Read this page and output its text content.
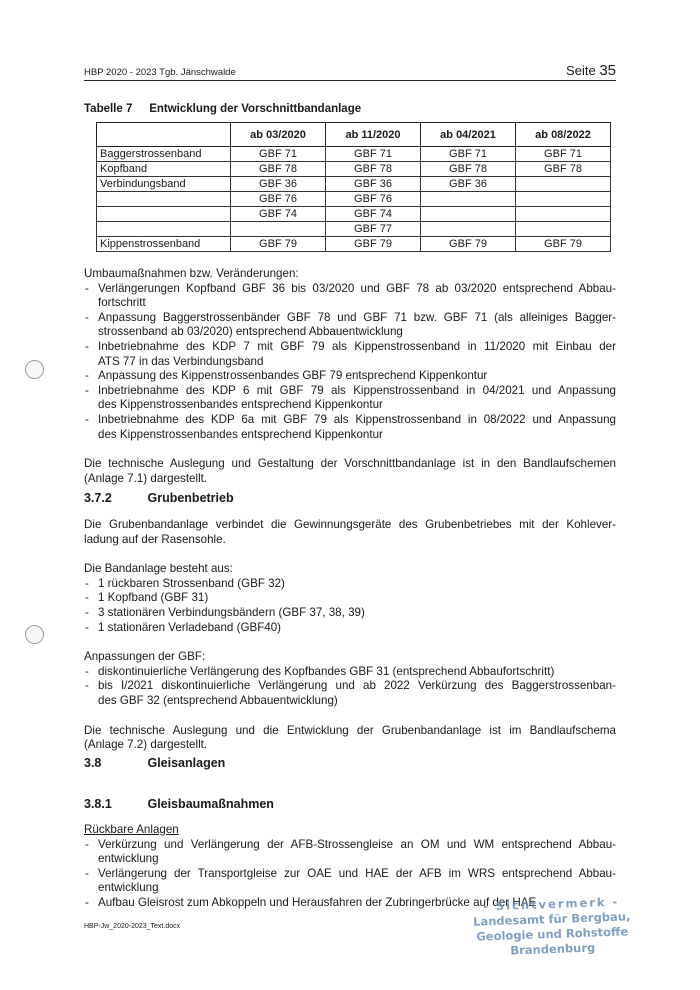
HBP 2020 - 2023 Tgb. Jänschwalde	Seite 35
Tabelle 7 Entwicklung der Vorschnittbandanlage
	ab 03/2020	ab 11/2020	ab 04/2021	ab 08/2022
Baggerstrossenband	GBF 71	GBF 71	GBF 71	GBF 71
Kopfband	GBF 78	GBF 78	GBF 78	GBF 78
Verbindungsband	GBF 36	GBF 36	GBF 36	
	GBF 76	GBF 76		
	GBF 74	GBF 74		
		GBF 77		
Kippenstrossenband	GBF 79	GBF 79	GBF 79	GBF 79

Umbaumaßnahmen bzw. Veränderungen:

- Verlängerungen Kopfband GBF 36 bis 03/2020 und GBF 78 ab 03/2020 entsprechend Abbau-
fortschritt
- Anpassung Baggerstrossenbänder GBF 78 und GBF 71 bzw. GBF 71 (als alleiniges Bagger-
strossenband ab 03/2020) entsprechend Abbauentwicklung
- Inbetriebnahme des KDP 7 mit GBF 79 als Kippenstrossenband in 11/2020 mit Einbau der
ATS 77 in das Verbindungsband
- Anpassung des Kippenstrossenbandes GBF 79 entsprechend Kippenkontur
- Inbetriebnahme des KDP 6 mit GBF 79 als Kippenstrossenband in 04/2021 und Anpassung
des Kippenstrossenbandes entsprechend Kippenkontur
- Inbetriebnahme des KDP 6a mit GBF 79 als Kippenstrossenband in 08/2022 und Anpassung
des Kippenstrossenbandes entsprechend Kippenkontur

Die technische Auslegung und Gestaltung der Vorschnittbandanlage ist in den Bandlaufschemen
(Anlage 7.1) dargestellt.

3.7.2	Grubenbetrieb

Die Grubenbandanlage verbindet die Gewinnungsgeräte des Grubenbetriebes mit der Kohlever-
ladung auf der Rasensohle.

Die Bandanlage besteht aus:

- 1 rückbaren Strossenband (GBF 32)
- 1 Kopfband (GBF 31)
- 3 stationären Verbindungsbändern (GBF 37, 38, 39)
- 1 stationären Verladeband (GBF40)

Anpassungen der GBF:

- diskontinuierliche Verlängerung des Kopfbandes GBF 31 (entsprechend Abbaufortschritt)
- bis I/2021 diskontinuierliche Verlängerung und ab 2022 Verkürzung des Baggerstrossenban-
des GBF 32 (entsprechend Abbauentwicklung)

Die technische Auslegung und die Entwicklung der Grubenbandanlage ist im Bandlaufschema
(Anlage 7.2) dargestellt.

3.8	Gleisanlagen
3.8.1	Gleisbaumaßnahmen

Rückbare Anlagen

- Verkürzung und Verlängerung der AFB-Strossengleise an OM und WM entsprechend Abbau-
entwicklung
- Verlängerung der Transportgleise zur OAE und HAE der AFB im WRS entsprechend Abbau-
entwicklung
- Aufbau Gleisrost zum Abkoppeln und Herausfahren der Zubringerbrücke auf der HAE
HBP-Jw_2020-2023_Text.docx
- Sichtvermerk -
Landesamt für Bergbau,
Geologie und Rohstoffe
Brandenburg
